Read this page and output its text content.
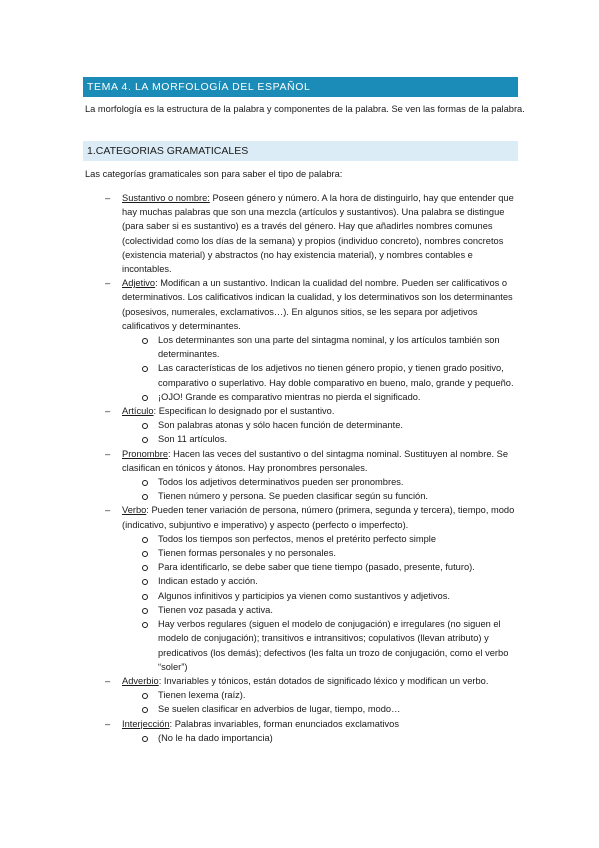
TEMA 4. LA MORFOLOGÍA DEL ESPAÑOL

La morfología es la estructura de la palabra y componentes de la palabra. Se ven las formas de la palabra.

1.CATEGORIAS GRAMATICALES

Las categorías gramaticales son para saber el tipo de palabra:

– Sustantivo o nombre: Poseen género y número. A la hora de distinguirlo, hay que entender que hay muchas palabras que son una mezcla (artículos y sustantivos). Una palabra se distingue (para saber si es sustantivo) es a través del género. Hay que añadirles nombres comunes (colectividad como los días de la semana) y propios (individuo concreto), nombres concretos (existencia material) y abstractos (no hay existencia material), y nombres contables e incontables.
– Adjetivo: Modifican a un sustantivo. Indican la cualidad del nombre. Pueden ser calificativos o determinativos. Los calificativos indican la cualidad, y los determinativos son los determinantes (posesivos, numerales, exclamativos…). En algunos sitios, se les separa por adjetivos calificativos y determinantes.
Los determinantes son una parte del sintagma nominal, y los artículos también son determinantes.
Las características de los adjetivos no tienen género propio, y tienen grado positivo, comparativo o superlativo. Hay doble comparativo en bueno, malo, grande y pequeño.
¡OJO! Grande es comparativo mientras no pierda el significado.
– Artículo: Especifican lo designado por el sustantivo.
Son palabras atonas y sólo hacen función de determinante.
Son 11 artículos.
– Pronombre: Hacen las veces del sustantivo o del sintagma nominal. Sustituyen al nombre. Se clasifican en tónicos y átonos. Hay pronombres personales.
Todos los adjetivos determinativos pueden ser pronombres.
Tienen número y persona. Se pueden clasificar según su función.
– Verbo: Pueden tener variación de persona, número (primera, segunda y tercera), tiempo, modo (indicativo, subjuntivo e imperativo) y aspecto (perfecto o imperfecto).
Todos los tiempos son perfectos, menos el pretérito perfecto simple
Tienen formas personales y no personales.
Para identificarlo, se debe saber que tiene tiempo (pasado, presente, futuro).
Indican estado y acción.
Algunos infinitivos y participios ya vienen como sustantivos y adjetivos.
Tienen voz pasada y activa.
Hay verbos regulares (siguen el modelo de conjugación) e irregulares (no siguen el modelo de conjugación); transitivos e intransitivos; copulativos (llevan atributo) y predicativos (los demás); defectivos (les falta un trozo de conjugación, como el verbo “soler”)
– Adverbio: Invariables y tónicos, están dotados de significado léxico y modifican un verbo.
Tienen lexema (raíz).
Se suelen clasificar en adverbios de lugar, tiempo, modo…
– Interjección: Palabras invariables, forman enunciados exclamativos
(No le ha dado importancia)
